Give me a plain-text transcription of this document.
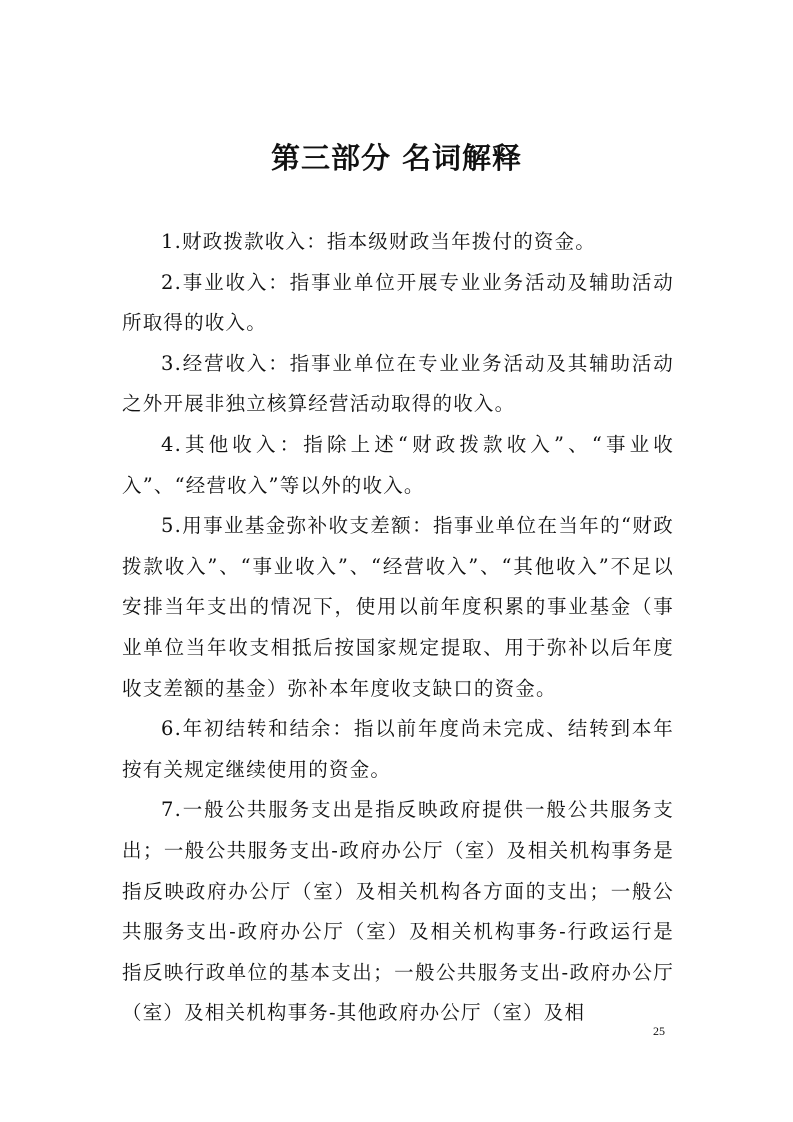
第三部分 名词解释

1.财政拨款收入：指本级财政当年拨付的资金。

2.事业收入：指事业单位开展专业业务活动及辅助活动所取得的收入。

3.经营收入：指事业单位在专业业务活动及其辅助活动之外开展非独立核算经营活动取得的收入。

4.其他收入：指除上述“财政拨款收入”、“事业收入”、“经营收入”等以外的收入。

5.用事业基金弥补收支差额：指事业单位在当年的“财政拨款收入”、“事业收入”、“经营收入”、“其他收入”不足以安排当年支出的情况下，使用以前年度积累的事业基金（事业单位当年收支相抵后按国家规定提取、用于弥补以后年度收支差额的基金）弥补本年度收支缺口的资金。

6.年初结转和结余：指以前年度尚未完成、结转到本年按有关规定继续使用的资金。

7.一般公共服务支出是指反映政府提供一般公共服务支出；一般公共服务支出-政府办公厅（室）及相关机构事务是指反映政府办公厅（室）及相关机构各方面的支出；一般公共服务支出-政府办公厅（室）及相关机构事务-行政运行是指反映行政单位的基本支出；一般公共服务支出-政府办公厅（室）及相关机构事务-其他政府办公厅（室）及相

25
